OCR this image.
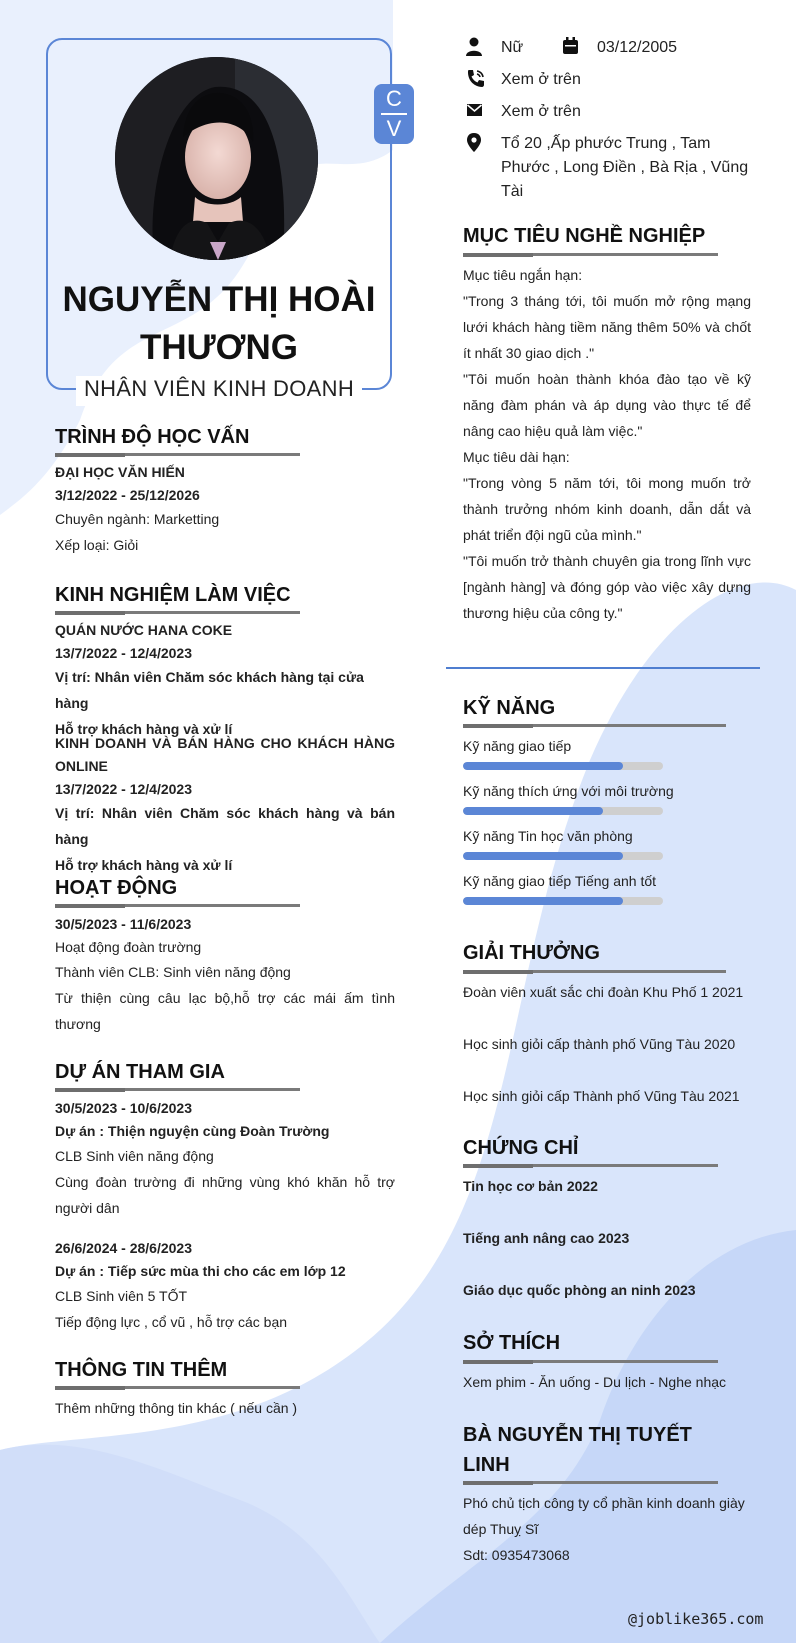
C
V
NGUYỄN THỊ HOÀI THƯƠNG
NHÂN VIÊN KINH DOANH
Nữ	03/12/2005
Xem ở trên
Xem ở trên
Tổ 20 ,Ấp phước Trung , Tam Phước , Long Điền , Bà Rịa , Vũng Tài
MỤC TIÊU NGHỀ NGHIỆP

Mục tiêu ngắn hạn:

"Trong 3 tháng tới, tôi muốn mở rộng mạng lưới khách hàng tiềm năng thêm 50% và chốt ít nhất 30 giao dịch ."

"Tôi muốn hoàn thành khóa đào tạo về kỹ năng đàm phán và áp dụng vào thực tế để nâng cao hiệu quả làm việc."

Mục tiêu dài hạn:

"Trong vòng 5 năm tới, tôi mong muốn trở thành trưởng nhóm kinh doanh, dẫn dắt và phát triển đội ngũ của mình."

"Tôi muốn trở thành chuyên gia trong lĩnh vực [ngành hàng] và đóng góp vào việc xây dựng thương hiệu của công ty."

TRÌNH ĐỘ HỌC VẤN

ĐẠI HỌC VĂN HIẾN

3/12/2022 - 25/12/2026

Chuyên ngành: Marketting

Xếp loại: Giỏi

KINH NGHIỆM LÀM VIỆC

QUÁN NƯỚC HANA COKE

13/7/2022 - 12/4/2023

Vị trí: Nhân viên Chăm sóc khách hàng tại cửa hàng

Hỗ trợ khách hàng và xử lí

KINH DOANH VÀ BÁN HÀNG CHO KHÁCH HÀNG ONLINE

13/7/2022 - 12/4/2023

Vị trí: Nhân viên Chăm sóc khách hàng và bán hàng

Hỗ trợ khách hàng và xử lí

HOẠT ĐỘNG

30/5/2023 - 11/6/2023

Hoạt động đoàn trường

Thành viên CLB: Sinh viên năng động

Từ thiện cùng câu lạc bộ,hỗ trợ các mái ấm tình thương

DỰ ÁN THAM GIA

30/5/2023 - 10/6/2023

Dự án : Thiện nguyện cùng Đoàn Trường

CLB Sinh viên năng động

Cùng đoàn trường đi những vùng khó khăn hỗ trợ người dân

26/6/2024 - 28/6/2023

Dự án : Tiếp sức mùa thi cho các em lớp 12

CLB Sinh viên 5 TỐT

Tiếp động lực , cổ vũ , hỗ trợ các bạn

THÔNG TIN THÊM
Thêm những thông tin khác ( nếu cần )
KỸ NĂNG
Kỹ năng giao tiếp
Kỹ năng thích ứng với môi trường
Kỹ năng Tin học văn phòng
Kỹ năng giao tiếp Tiếng anh tốt
GIẢI THƯỞNG
Đoàn viên xuất sắc chi đoàn Khu Phố 1 2021
Học sinh giỏi cấp thành phố Vũng Tàu 2020
Học sinh giỏi cấp Thành phố Vũng Tàu 2021
CHỨNG CHỈ
Tin học cơ bản 2022
Tiếng anh nâng cao 2023
Giáo dục quốc phòng an ninh 2023
SỞ THÍCH
Xem phim - Ăn uống - Du lịch - Nghe nhạc
BÀ NGUYỄN THỊ TUYẾT LINH

Phó chủ tịch công ty cổ phần kinh doanh giày dép Thuỵ Sĩ

Sdt: 0935473068

@joblike365.com
